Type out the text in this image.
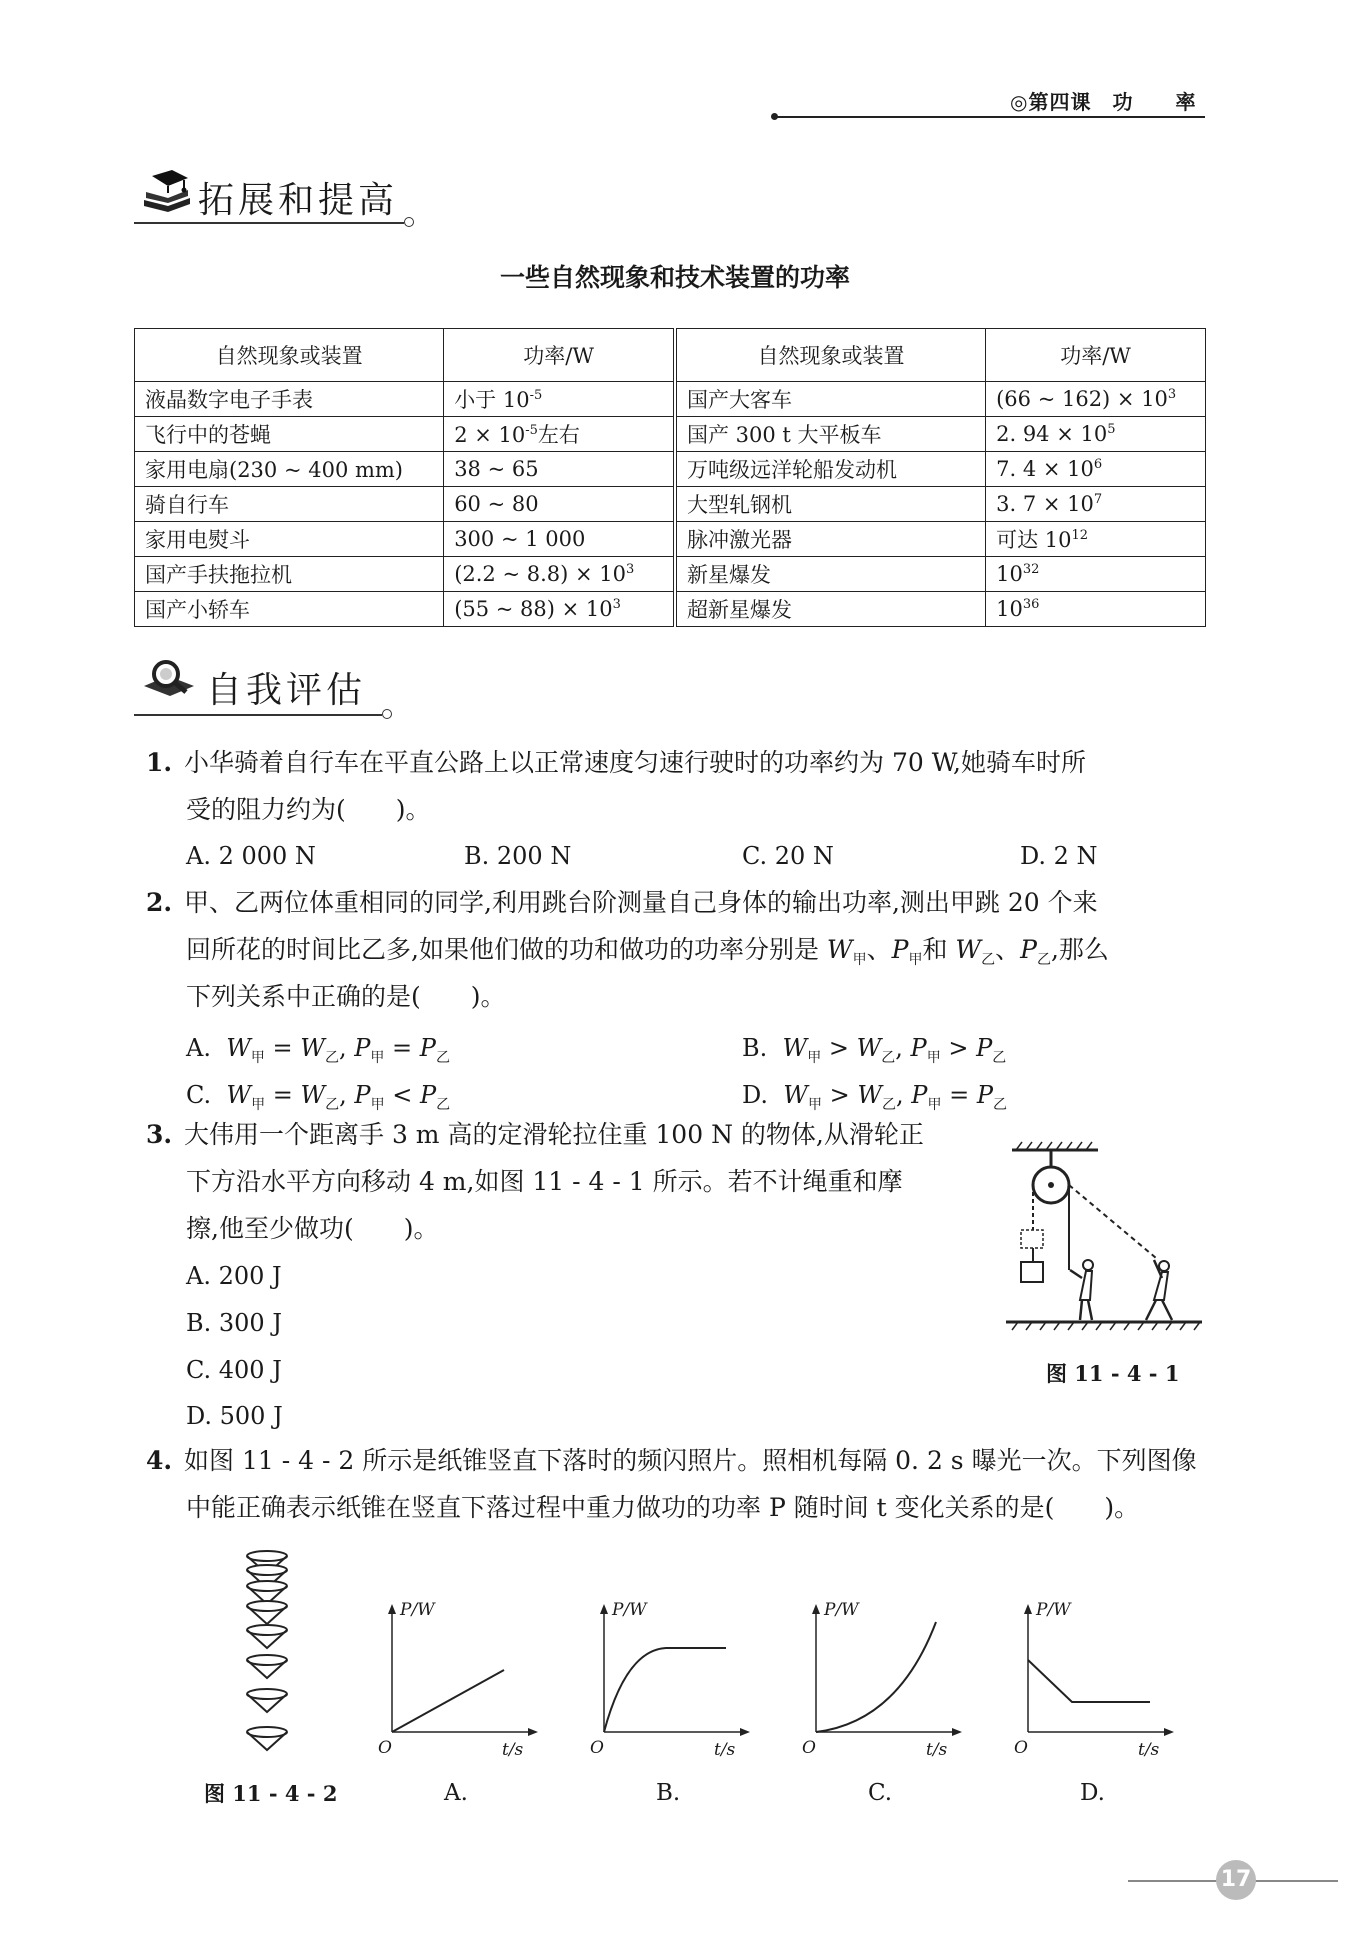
◎第四课　功　　率
拓展和提高
一些自然现象和技术装置的功率
自然现象或装置	功率/W	自然现象或装置	功率/W
液晶数字电子手表	小于 $10^{-5}$	国产大客车	(66 ~ $162) \times 10^3$
飞行中的苍蝇	$2 \times 10^{-5}$左右	国产 300 t 大平板车	2. $94 \times 10^5$
家用电扇(230 ~ 400 mm)	38 ~ 65	万吨级远洋轮船发动机	7. $4 \times 10^6$
骑自行车	60 ~ 80	大型轧钢机	3. $7 \times 10^7$
家用电熨斗	300 ~ 1 000	脉冲激光器	可达 $10^{12}$
国产手扶拖拉机	(2.2 ~ $8.8) \times 10^3$	新星爆发	$10^{32}$
国产小轿车	(55 ~ $88) \times 10^3$	超新星爆发	$10^{36}$
自我评估
1. 小华骑着自行车在平直公路上以正常速度匀速行驶时的功率约为 70 W,她骑车时所
受的阻力约为(　　)。
A. 2 000 N	B. 200 N	C. 20 N	D. 2 N
2. 甲、乙两位体重相同的同学,利用跳台阶测量自己身体的输出功率,测出甲跳 20 个来
回所花的时间比乙多,如果他们做的功和做功的功率分别是 $W_甲$、$P_甲$和 $W_乙$、$P_乙$,那么
下列关系中正确的是(　　)。
A. $W_甲 = W_乙$, $P_甲 = P_乙$	B. $W_甲 > W_乙$, $P_甲 > P_乙$
C. $W_甲 = W_乙$, $P_甲 < P_乙$	D. $W_甲 > W_乙$, $P_甲 = P_乙$
3. 大伟用一个距离手 3 m 高的定滑轮拉住重 100 N 的物体,从滑轮正
下方沿水平方向移动 4 m,如图 11 - 4 - 1 所示。若不计绳重和摩
擦,他至少做功(　　)。
A. 200 J
B. 300 J
C. 400 J
D. 500 J
图 11 - 4 - 1
4. 如图 11 - 4 - 2 所示是纸锥竖直下落时的频闪照片。照相机每隔 0. 2 s 曝光一次。下列图像
中能正确表示纸锥在竖直下落过程中重力做功的功率 P 随时间 t 变化关系的是(　　)。
图 11 - 4 - 2
P/W
t/s
O
A.
P/W
t/s
O
B.
P/W
t/s
O
C.
P/W
t/s
O
D.
17
